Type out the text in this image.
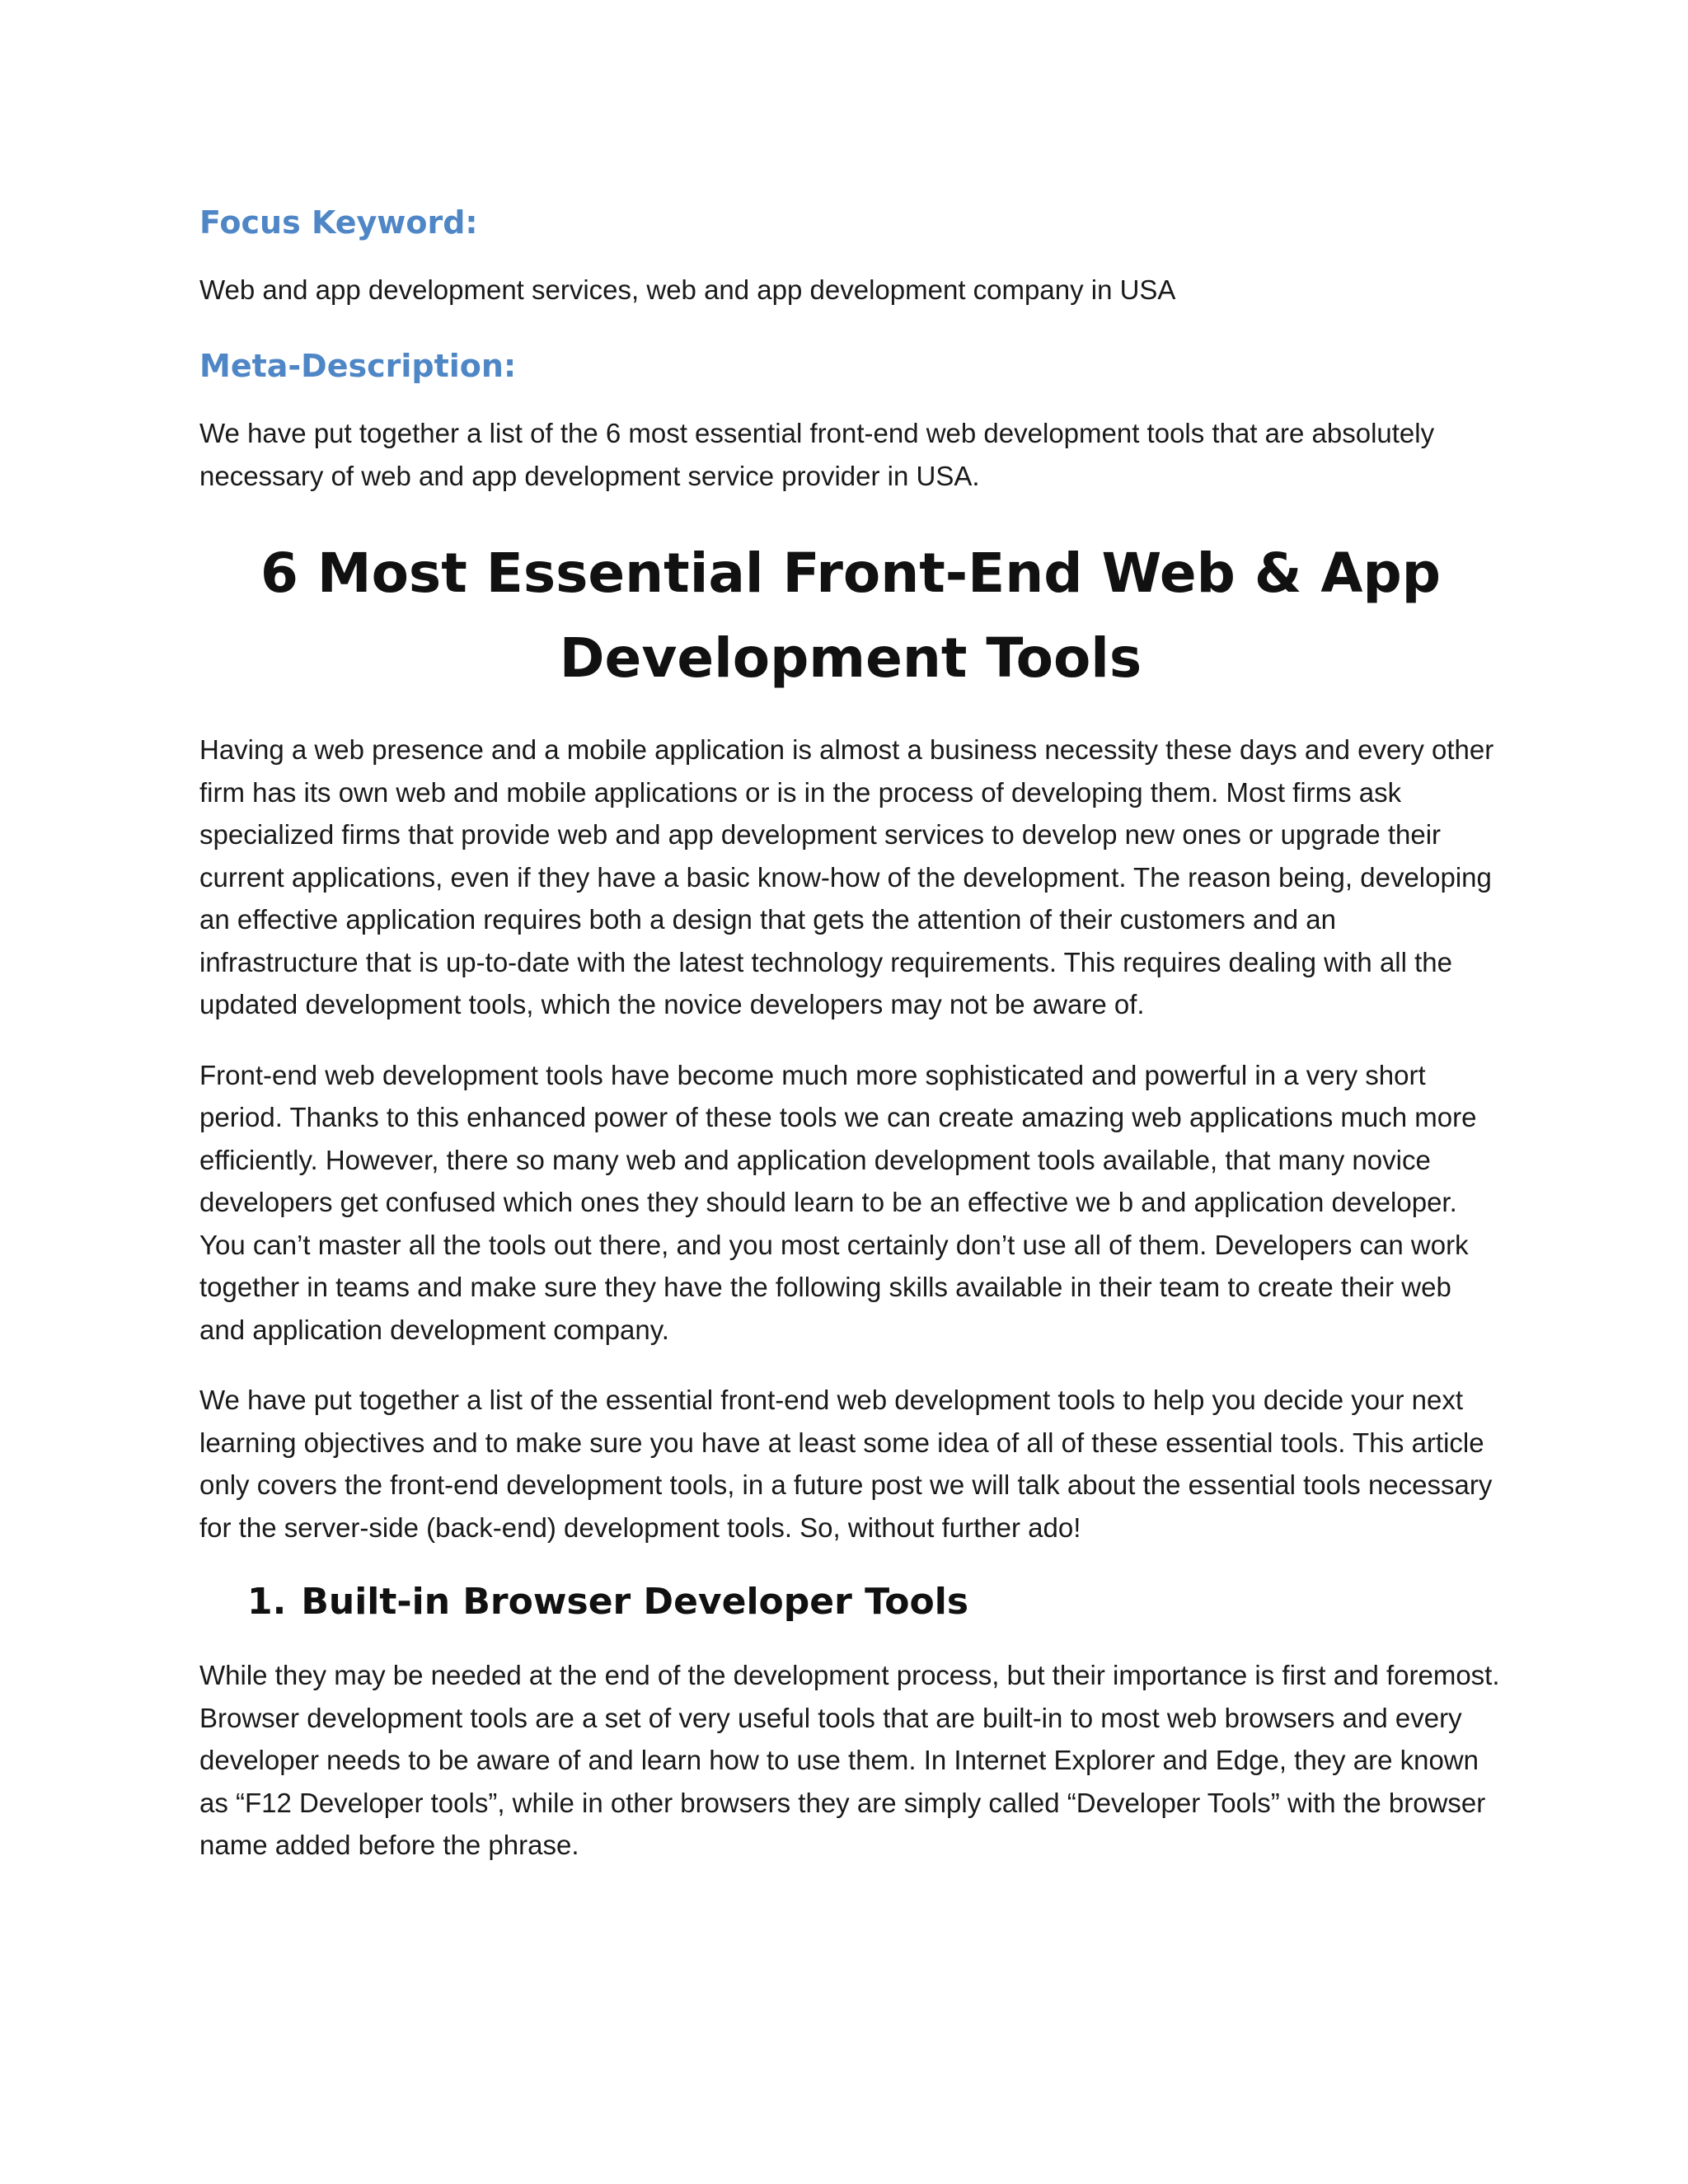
Focus Keyword:

Web and app development services, web and app development company in USA

Meta-Description:

We have put together a list of the 6 most essential front-end web development tools that are absolutely necessary of web and app development service provider in USA.

6 Most Essential Front-End Web & App Development Tools

Having a web presence and a mobile application is almost a business necessity these days and every other firm has its own web and mobile applications or is in the process of developing them. Most firms ask specialized firms that provide web and app development services to develop new ones or upgrade their current applications, even if they have a basic know-how of the development. The reason being, developing an effective application requires both a design that gets the attention of their customers and an infrastructure that is up-to-date with the latest technology requirements. This requires dealing with all the updated development tools, which the novice developers may not be aware of.

Front-end web development tools have become much more sophisticated and powerful in a very short period. Thanks to this enhanced power of these tools we can create amazing web applications much more efficiently. However, there so many web and application development tools available, that many novice developers get confused which ones they should learn to be an effective we b and application developer. You can’t master all the tools out there, and you most certainly don’t use all of them. Developers can work together in teams and make sure they have the following skills available in their team to create their web and application development company.

We have put together a list of the essential front-end web development tools to help you decide your next learning objectives and to make sure you have at least some idea of all of these essential tools. This article only covers the front-end development tools, in a future post we will talk about the essential tools necessary for the server-side (back-end) development tools. So, without further ado!

1. Built-in Browser Developer Tools

While they may be needed at the end of the development process, but their importance is first and foremost. Browser development tools are a set of very useful tools that are built-in to most web browsers and every developer needs to be aware of and learn how to use them. In Internet Explorer and Edge, they are known as “F12 Developer tools”, while in other browsers they are simply called “Developer Tools” with the browser name added before the phrase.
